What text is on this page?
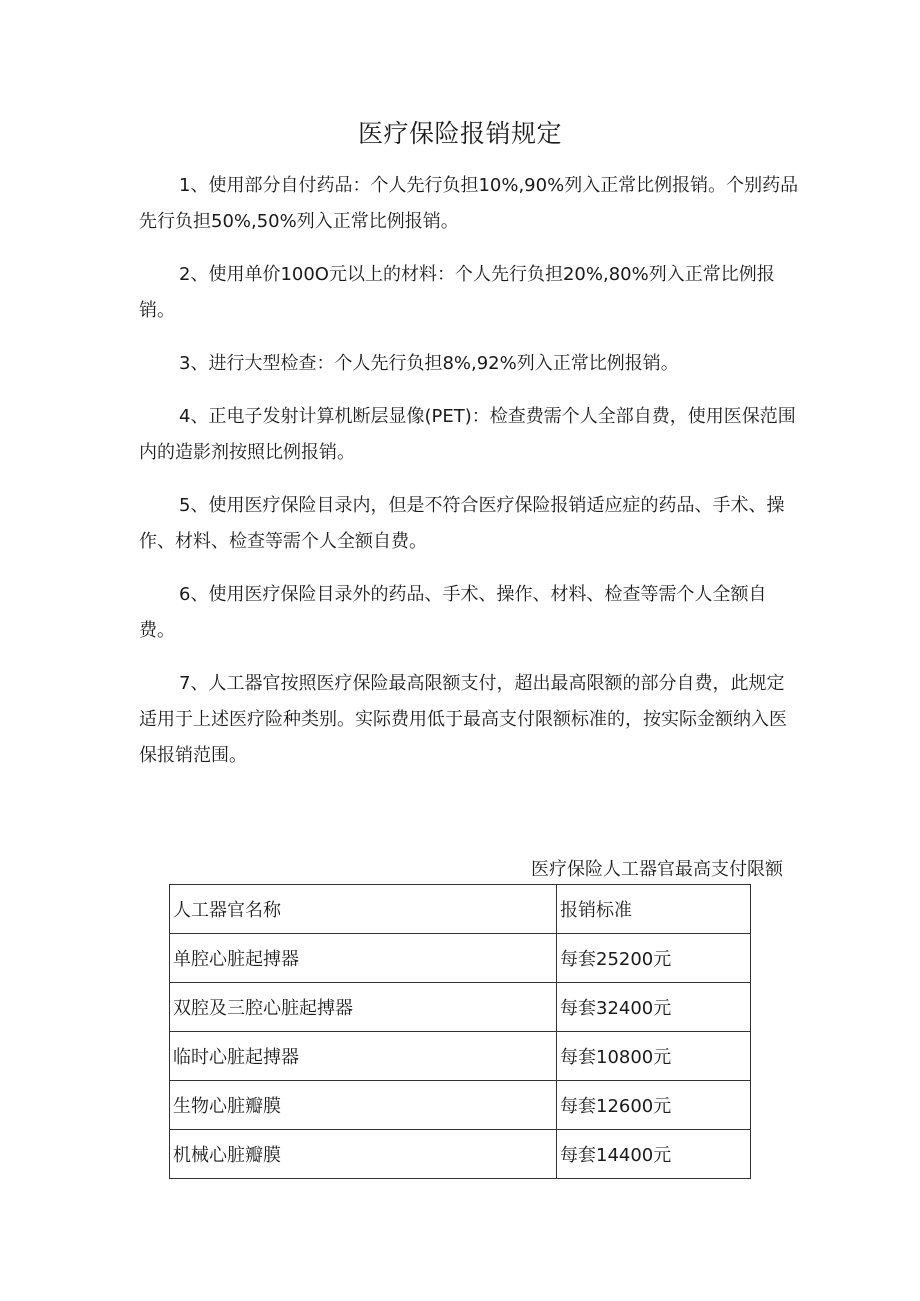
医疗保险报销规定

1、使用部分自付药品：个人先行负担10%,90%列入正常比例报销。个别药品先行负担50%,50%列入正常比例报销。

2、使用单价100O元以上的材料：个人先行负担20%,80%列入正常比例报销。

3、进行大型检查：个人先行负担8%,92%列入正常比例报销。

4、正电子发射计算机断层显像(PET)：检查费需个人全部自费，使用医保范围内的造影剂按照比例报销。

5、使用医疗保险目录内，但是不符合医疗保险报销适应症的药品、手术、操作、材料、检查等需个人全额自费。

6、使用医疗保险目录外的药品、手术、操作、材料、检查等需个人全额自费。

7、人工器官按照医疗保险最高限额支付，超出最高限额的部分自费，此规定适用于上述医疗险种类别。实际费用低于最高支付限额标准的，按实际金额纳入医保报销范围。

医疗保险人工器官最高支付限额
人工器官名称	报销标准
单腔心脏起搏器	每套25200元
双腔及三腔心脏起搏器	每套32400元
临时心脏起搏器	每套10800元
生物心脏瓣膜	每套12600元
机械心脏瓣膜	每套14400元
